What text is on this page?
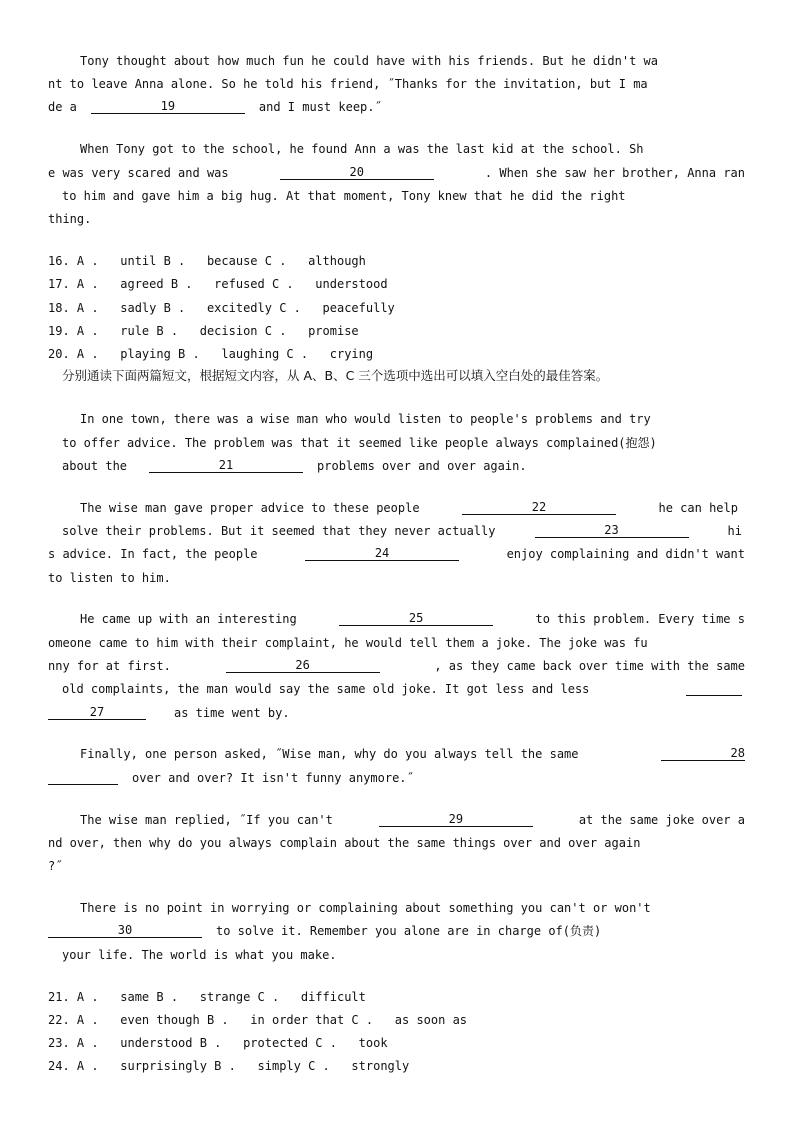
Tony thought about how much fun he could have with his friends. But he didn't wa
nt to leave Anna alone. So he told his friend, ˝Thanks for the invitation, but I ma
de a	19	and I must keep.˝
When Tony got to the school, he found Ann a was the last kid at the school. Sh
e was very scared and was	20	. When she saw her brother, Anna ran
to him and gave him a big hug. At that moment, Tony knew that he did the right
thing.
16. A .   until B .   because C .   although
17. A .   agreed B .   refused C .   understood
18. A .   sadly B .   excitedly C .   peacefully
19. A .   rule B .   decision C .   promise
20. A .   playing B .   laughing C .   crying
分别通读下面两篇短文，根据短文内容，从 A、B、C 三个选项中选出可以填入空白处的最佳答案。
In one town, there was a wise man who would listen to people's problems and try
to offer advice. The problem was that it seemed like people always complained(抱怨)
about the	21	problems over and over again.
The wise man gave proper advice to these people	22	he can help
solve their problems. But it seemed that they never actually	23	hi
s advice. In fact, the people	24	enjoy complaining and didn't want
to listen to him.
He came up with an interesting	25	to this problem. Every time s
omeone came to him with their complaint, he would tell them a joke. The joke was fu
nny for at first.	26	, as they came back over time with the same
old complaints, the man would say the same old joke. It got less and less
27	as time went by.
Finally, one person asked, ˝Wise man, why do you always tell the same	28
over and over? It isn't funny anymore.˝
The wise man replied, ˝If you can't	29	at the same joke over a
nd over, then why do you always complain about the same things over and over again
?˝
There is no point in worrying or complaining about something you can't or won't
30	to solve it. Remember you alone are in charge of(负责)
your life. The world is what you make.
21. A .   same B .   strange C .   difficult
22. A .   even though B .   in order that C .   as soon as
23. A .   understood B .   protected C .   took
24. A .   surprisingly B .   simply C .   strongly
